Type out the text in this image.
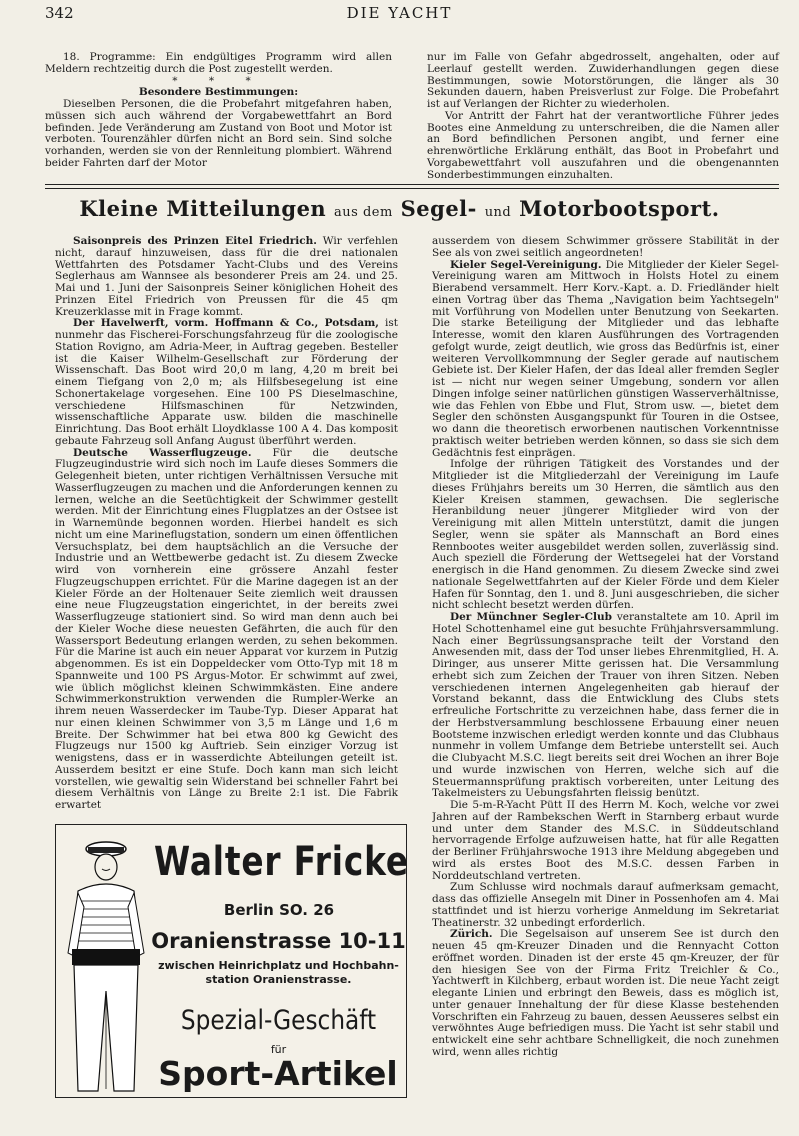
342	DIE YACHT

18. Programme: Ein endgültiges Programm wird allen Meldern rechtzeitig durch die Post zugestellt werden.

* * *

Besondere Bestimmungen:

Dieselben Personen, die die Probefahrt mitgefahren haben, müssen sich auch während der Vorgabewettfahrt an Bord befinden. Jede Veränderung am Zustand von Boot und Motor ist verboten. Tourenzähler dürfen nicht an Bord sein. Sind solche vorhanden, werden sie von der Rennleitung plombiert. Während beider Fahrten darf der Motor

nur im Falle von Gefahr abgedrosselt, angehalten, oder auf Leerlauf gestellt werden. Zuwiderhandlungen gegen diese Bestimmungen, sowie Motorstörungen, die länger als 30 Sekunden dauern, haben Preisverlust zur Folge. Die Probefahrt ist auf Verlangen der Richter zu wiederholen.

Vor Antritt der Fahrt hat der verantwortliche Führer jedes Bootes eine Anmeldung zu unterschreiben, die die Namen aller an Bord befindlichen Personen angibt, und ferner eine ehrenwörtliche Erklärung enthält, das Boot in Probefahrt und Vorgabewettfahrt voll auszufahren und die obengenannten Sonderbestimmungen einzuhalten.

Kleine Mitteilungen aus dem Segel- und Motorbootsport.

Saisonpreis des Prinzen Eitel Friedrich. Wir verfehlen nicht, darauf hinzuweisen, dass für die drei nationalen Wettfahrten des Potsdamer Yacht-Clubs und des Vereins Seglerhaus am Wannsee als besonderer Preis am 24. und 25. Mai und 1. Juni der Saisonpreis Seiner königlichen Hoheit des Prinzen Eitel Friedrich von Preussen für die 45 qm Kreuzerklasse mit in Frage kommt.

Der Havelwerft, vorm. Hoffmann & Co., Potsdam, ist nunmehr das Fischerei-Forschungsfahrzeug für die zoologische Station Rovigno, am Adria-Meer, in Auftrag gegeben. Besteller ist die Kaiser Wilhelm-Gesellschaft zur Förderung der Wissenschaft. Das Boot wird 20,0 m lang, 4,20 m breit bei einem Tiefgang von 2,0 m; als Hilfsbesegelung ist eine Schonertakelage vorgesehen. Eine 100 PS Dieselmaschine, verschiedene Hilfsmaschinen für Netzwinden, wissenschaftliche Apparate usw. bilden die maschinelle Einrichtung. Das Boot erhält Lloydklasse 100 A 4. Das komposit gebaute Fahrzeug soll Anfang August überführt werden.

Deutsche Wasserflugzeuge. Für die deutsche Flugzeugindustrie wird sich noch im Laufe dieses Sommers die Gelegenheit bieten, unter richtigen Verhältnissen Versuche mit Wasserflugzeugen zu machen und die Anforderungen kennen zu lernen, welche an die Seetüchtigkeit der Schwimmer gestellt werden. Mit der Einrichtung eines Flugplatzes an der Ostsee ist in Warnemünde begonnen worden. Hierbei handelt es sich nicht um eine Marineflugstation, sondern um einen öffentlichen Versuchsplatz, bei dem hauptsächlich an die Versuche der Industrie und an Wettbewerbe gedacht ist. Zu diesem Zwecke wird von vornherein eine grössere Anzahl fester Flugzeugschuppen errichtet. Für die Marine dagegen ist an der Kieler Förde an der Holtenauer Seite ziemlich weit draussen eine neue Flugzeugstation eingerichtet, in der bereits zwei Wasserflugzeuge stationiert sind. So wird man denn auch bei der Kieler Woche diese neuesten Gefährten, die auch für den Wassersport Bedeutung erlangen werden, zu sehen bekommen. Für die Marine ist auch ein neuer Apparat vor kurzem in Putzig abgenommen. Es ist ein Doppeldecker vom Otto-Typ mit 18 m Spannweite und 100 PS Argus-Motor. Er schwimmt auf zwei, wie üblich möglichst kleinen Schwimmkästen. Eine andere Schwimmerkonstruktion verwenden die Rumpler-Werke an ihrem neuen Wasserdecker im Taube-Typ. Dieser Apparat hat nur einen kleinen Schwimmer von 3,5 m Länge und 1,6 m Breite. Der Schwimmer hat bei etwa 800 kg Gewicht des Flugzeugs nur 1500 kg Auftrieb. Sein einziger Vorzug ist wenigstens, dass er in wasserdichte Abteilungen geteilt ist. Ausserdem besitzt er eine Stufe. Doch kann man sich leicht vorstellen, wie gewaltig sein Widerstand bei schneller Fahrt bei diesem Verhältnis von Länge zu Breite 2:1 ist. Die Fabrik erwartet

ausserdem von diesem Schwimmer grössere Stabilität in der See als von zwei seitlich angeordneten!

Kieler Segel-Vereinigung. Die Mitglieder der Kieler Segel-Vereinigung waren am Mittwoch in Holsts Hotel zu einem Bierabend versammelt. Herr Korv.-Kapt. a. D. Friedländer hielt einen Vortrag über das Thema „Navigation beim Yachtsegeln" mit Vorführung von Modellen unter Benutzung von Seekarten. Die starke Beteiligung der Mitglieder und das lebhafte Interesse, womit den klaren Ausführungen des Vortragenden gefolgt wurde, zeigt deutlich, wie gross das Bedürfnis ist, einer weiteren Vervollkommnung der Segler gerade auf nautischem Gebiete ist. Der Kieler Hafen, der das Ideal aller fremden Segler ist — nicht nur wegen seiner Umgebung, sondern vor allen Dingen infolge seiner natürlichen günstigen Wasserverhältnisse, wie das Fehlen von Ebbe und Flut, Strom usw. —, bietet dem Segler den schönsten Ausgangspunkt für Touren in die Ostsee, wo dann die theoretisch erworbenen nautischen Vorkenntnisse praktisch weiter betrieben werden können, so dass sie sich dem Gedächtnis fest einprägen.

Infolge der rührigen Tätigkeit des Vorstandes und der Mitglieder ist die Mitgliederzahl der Vereinigung im Laufe dieses Frühjahrs bereits um 30 Herren, die sämtlich aus den Kieler Kreisen stammen, gewachsen. Die seglerische Heranbildung neuer jüngerer Mitglieder wird von der Vereinigung mit allen Mitteln unterstützt, damit die jungen Segler, wenn sie später als Mannschaft an Bord eines Rennbootes weiter ausgebildet werden sollen, zuverlässig sind. Auch speziell die Förderung der Wettsegelei hat der Vorstand energisch in die Hand genommen. Zu diesem Zwecke sind zwei nationale Segelwettfahrten auf der Kieler Förde und dem Kieler Hafen für Sonntag, den 1. und 8. Juni ausgeschrieben, die sicher nicht schlecht besetzt werden dürfen.

Der Münchner Segler-Club veranstaltete am 10. April im Hotel Schottenhamel eine gut besuchte Frühjahrsversammlung. Nach einer Begrüssungsansprache teilt der Vorstand den Anwesenden mit, dass der Tod unser liebes Ehrenmitglied, H. A. Diringer, aus unserer Mitte gerissen hat. Die Versammlung erhebt sich zum Zeichen der Trauer von ihren Sitzen. Neben verschiedenen internen Angelegenheiten gab hierauf der Vorstand bekannt, dass die Entwicklung des Clubs stets erfreuliche Fortschritte zu verzeichnen habe, dass ferner die in der Herbstversammlung beschlossene Erbauung einer neuen Bootsteme inzwischen erledigt werden konnte und das Clubhaus nunmehr in vollem Umfange dem Betriebe unterstellt sei. Auch die Clubyacht M.S.C. liegt bereits seit drei Wochen an ihrer Boje und wurde inzwischen von Herren, welche sich auf die Steuermannsprüfung praktisch vorbereiten, unter Leitung des Takelmeisters zu Uebungsfahrten fleissig benützt.

Die 5-m-R-Yacht Pütt II des Herrn M. Koch, welche vor zwei Jahren auf der Rambekschen Werft in Starnberg erbaut wurde und unter dem Stander des M.S.C. in Süddeutschland hervorragende Erfolge aufzuweisen hatte, hat für alle Regatten der Berliner Frühjahrswoche 1913 ihre Meldung abgegeben und wird als erstes Boot des M.S.C. dessen Farben in Norddeutschland vertreten.

Zum Schlusse wird nochmals darauf aufmerksam gemacht, dass das offizielle Ansegeln mit Diner in Possenhofen am 4. Mai stattfindet und ist hierzu vorherige Anmeldung im Sekretariat Theatinerstr. 32 unbedingt erforderlich.

Zürich. Die Segelsaison auf unserem See ist durch den neuen 45 qm-Kreuzer Dinaden und die Rennyacht Cotton eröffnet worden. Dinaden ist der erste 45 qm-Kreuzer, der für den hiesigen See von der Firma Fritz Treichler & Co., Yachtwerft in Kilchberg, erbaut worden ist. Die neue Yacht zeigt elegante Linien und erbringt den Beweis, dass es möglich ist, unter genauer Innehaltung der für diese Klasse bestehenden Vorschriften ein Fahrzeug zu bauen, dessen Aeusseres selbst ein verwöhntes Auge befriedigen muss. Die Yacht ist sehr stabil und entwickelt eine sehr achtbare Schnelligkeit, die noch zunehmen wird, wenn alles richtig

Walter Fricke
Berlin SO. 26
Oranienstrasse 10-11
zwischen Heinrichplatz und Hochbahn-
station Oranienstrasse.
Spezial-Geschäft
für
Sport-Artikel
